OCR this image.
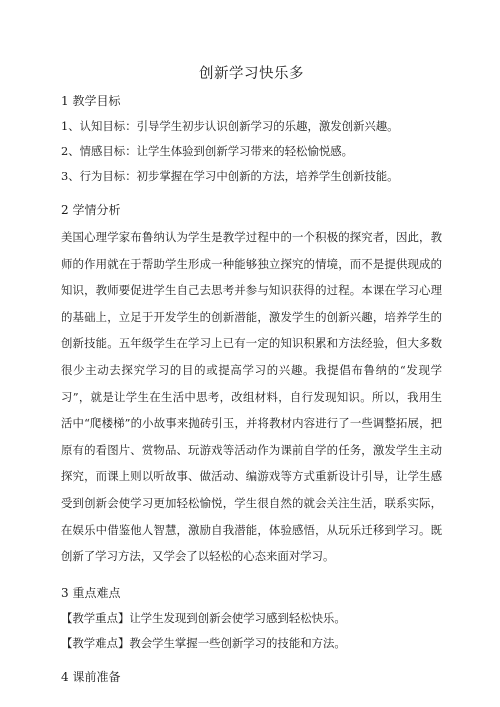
创新学习快乐多
1 教学目标

1、认知目标：引导学生初步认识创新学习的乐趣，激发创新兴趣。

2、情感目标：让学生体验到创新学习带来的轻松愉悦感。

3、行为目标：初步掌握在学习中创新的方法，培养学生创新技能。

2 学情分析

美国心理学家布鲁纳认为学生是教学过程中的一个积极的探究者，因此，教师的作用就在于帮助学生形成一种能够独立探究的情境，而不是提供现成的知识，教师要促进学生自己去思考并参与知识获得的过程。本课在学习心理的基础上，立足于开发学生的创新潜能，激发学生的创新兴趣，培养学生的创新技能。五年级学生在学习上已有一定的知识积累和方法经验，但大多数很少主动去探究学习的目的或提高学习的兴趣。我提倡布鲁纳的“发现学习”，就是让学生在生活中思考，改组材料，自行发现知识。所以，我用生活中“爬楼梯”的小故事来抛砖引玉，并将教材内容进行了一些调整拓展，把原有的看图片、赏物品、玩游戏等活动作为课前自学的任务，激发学生主动探究，而课上则以听故事、做活动、编游戏等方式重新设计引导，让学生感受到创新会使学习更加轻松愉悦，学生很自然的就会关注生活，联系实际，在娱乐中借鉴他人智慧，激励自我潜能，体验感悟，从玩乐迁移到学习。既创新了学习方法，又学会了以轻松的心态来面对学习。

3 重点难点

【教学重点】让学生发现到创新会使学习感到轻松快乐。

【教学难点】教会学生掌握一些创新学习的技能和方法。

4 课前准备
